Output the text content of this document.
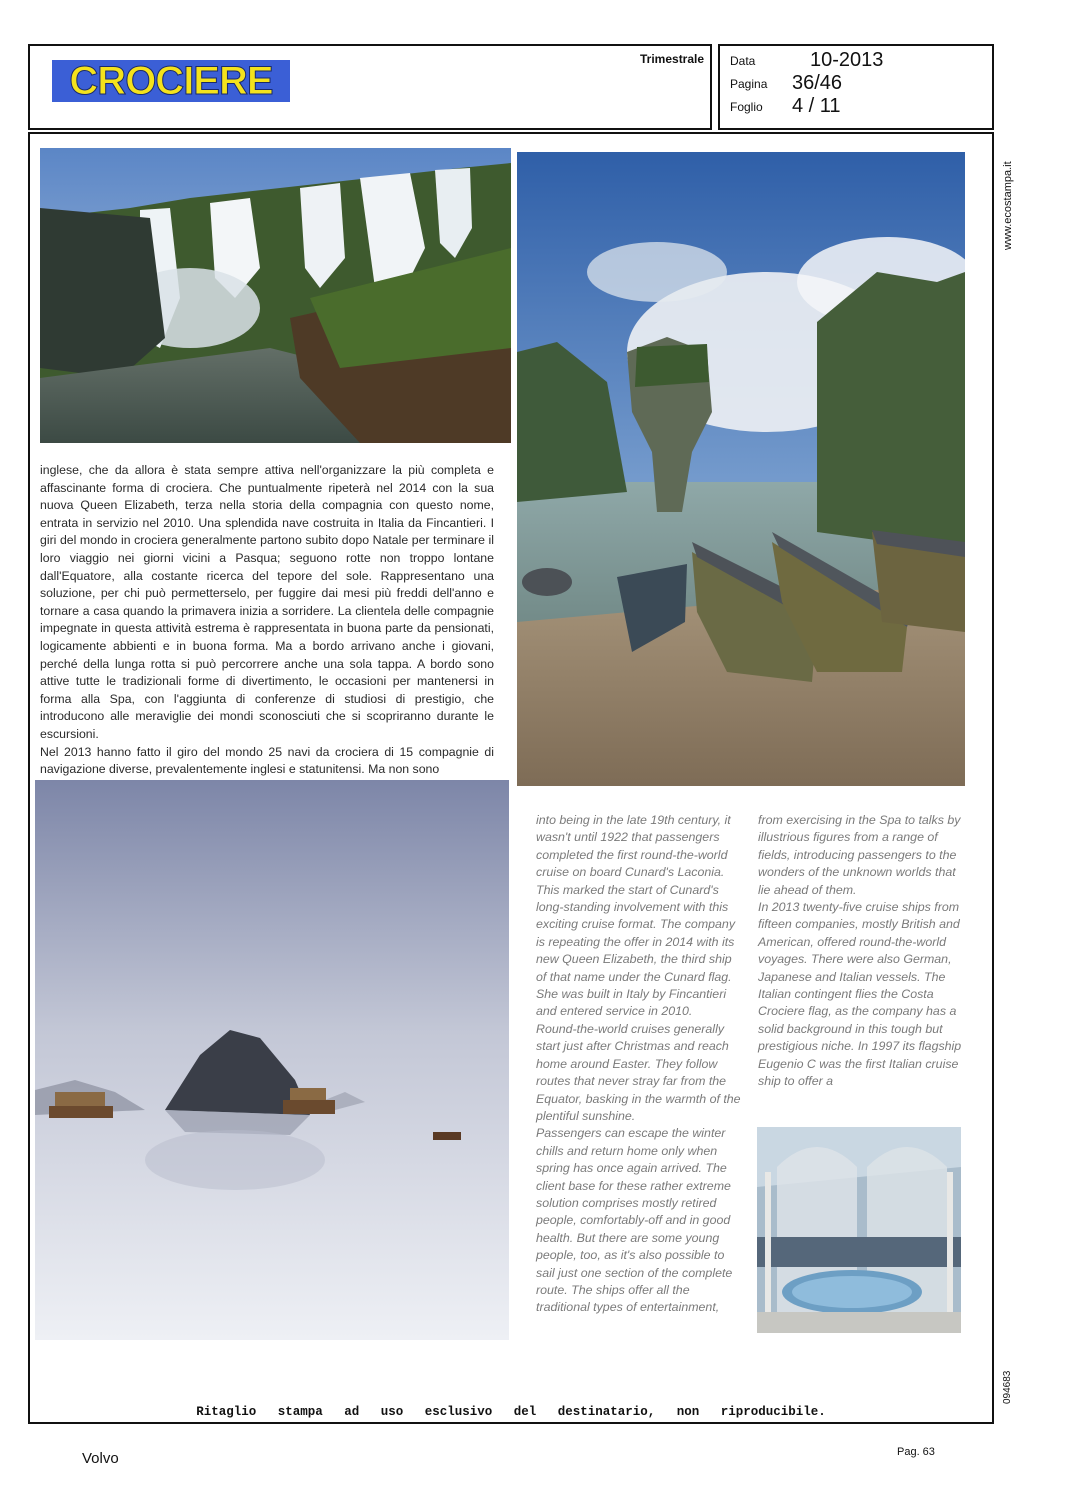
CROCIERE	Trimestrale Data	10-2013
Pagina 36/46
Foglio 4 / 11

inglese, che da allora è stata sempre attiva nell'organizzare la più completa e affascinante forma di crociera. Che puntualmente ripeterà nel 2014 con la sua nuova Queen Elizabeth, terza nella storia della compagnia con questo nome, entrata in servizio nel 2010. Una splendida nave costruita in Italia da Fincantieri. I giri del mondo in crociera generalmente partono subito dopo Natale per terminare il loro viaggio nei giorni vicini a Pasqua; seguono rotte non troppo lontane dall'Equatore, alla costante ricerca del tepore del sole. Rappresentano una soluzione, per chi può permetterselo, per fuggire dai mesi più freddi dell'anno e tornare a casa quando la primavera inizia a sorridere. La clientela delle compagnie impegnate in questa attività estrema è rappresentata in buona parte da pensionati, logicamente abbienti e in buona forma. Ma a bordo arrivano anche i giovani, perché della lunga rotta si può percorrere anche una sola tappa. A bordo sono attive tutte le tradizionali forme di divertimento, le occasioni per mantenersi in forma alla Spa, con l'aggiunta di conferenze di studiosi di prestigio, che introducono alle meraviglie dei mondi sconosciuti che si scopriranno durante le escursioni.

Nel 2013 hanno fatto il giro del mondo 25 navi da crociera di 15 compagnie di navigazione diverse, prevalentemente inglesi e statunitensi. Ma non sono

into being in the late 19th century, it wasn't until 1922 that passengers completed the first round-the-world cruise on board Cunard's Laconia. This marked the start of Cunard's long-standing involvement with this exciting cruise format. The company is repeating the offer in 2014 with its new Queen Elizabeth, the third ship of that name under the Cunard flag. She was built in Italy by Fincantieri and entered service in 2010.

Round-the-world cruises generally start just after Christmas and reach home around Easter. They follow routes that never stray far from the Equator, basking in the warmth of the plentiful sunshine.

Passengers can escape the winter chills and return home only when spring has once again arrived. The client base for these rather extreme solution comprises mostly retired people, comfortably-off and in good health. But there are some young people, too, as it's also possible to sail just one section of the complete route. The ships offer all the traditional types of entertainment,

from exercising in the Spa to talks by illustrious figures from a range of fields, introducing passengers to the wonders of the unknown worlds that lie ahead of them.

In 2013 twenty-five cruise ships from fifteen companies, mostly British and American, offered round-the-world voyages. There were also German, Japanese and Italian vessels. The Italian contingent flies the Costa Crociere flag, as the company has a solid background in this tough but prestigious niche. In 1997 its flagship Eugenio C was the first Italian cruise ship to offer a

www.ecostampa.it
094683
Ritaglio stampa ad uso esclusivo del destinatario, non riproducibile.
Volvo	Pag. 63
